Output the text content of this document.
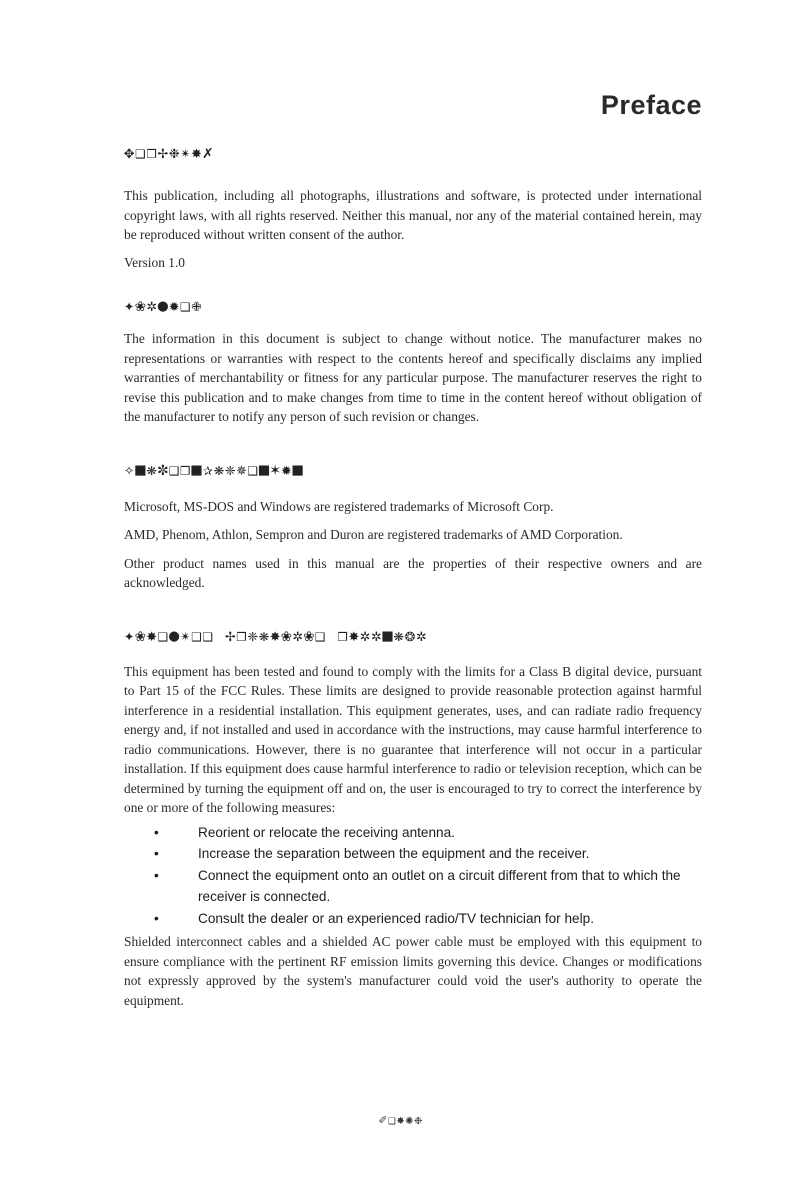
Preface
✥❑❐✢❉✴✸✗

This publication, including all photographs, illustrations and software, is protected under international copyright laws, with all rights reserved. Neither this manual, nor any of the material contained herein, may be reproduced without written consent of the author.

Version 1.0

✦❀✲●✹❑✙

The information in this document is subject to change without notice. The manufacturer makes no representations or warranties with respect to the contents hereof and specifically disclaims any implied warranties of merchantability or fitness for any particular purpose. The manufacturer reserves the right to revise this publication and to make changes from time to time in the content hereof without obligation of the manufacturer to notify any person of such revision or changes.

✧■❋✼❑❐■✰❋❈✵❑■✶✹■

Microsoft, MS-DOS and Windows are registered trademarks of Microsoft Corp.

AMD, Phenom, Athlon, Sempron and Duron are registered trademarks of AMD Corporation.

Other product names used in this manual are the properties of their respective owners and are acknowledged.

✦❀✸❑●✴❑❑ ✢❐❈❋✸❀✲❀❑ ❐✸✲✲■❋❂✲

This equipment has been tested and found to comply with the limits for a Class B digital device, pursuant to Part 15 of the FCC Rules. These limits are designed to provide reasonable protection against harmful interference in a residential installation. This equipment generates, uses, and can radiate radio frequency energy and, if not installed and used in accordance with the instructions, may cause harmful interference to radio communications. However, there is no guarantee that interference will not occur in a particular installation. If this equipment does cause harmful interference to radio or television reception, which can be determined by turning the equipment off and on, the user is encouraged to try to correct the interference by one or more of the following measures:

•	Reorient or relocate the receiving antenna.
•	Increase the separation between the equipment and the receiver.
•	Connect the equipment onto an outlet on a circuit different from that to which the receiver is connected.
•	Consult the dealer or an experienced radio/TV technician for help.

Shielded interconnect cables and a shielded AC power cable must be employed with this equipment to ensure compliance with the pertinent RF emission limits governing this device. Changes or modifications not expressly approved by the system's manufacturer could void the user's authority to operate the equipment.

✐❑✸✺❉
